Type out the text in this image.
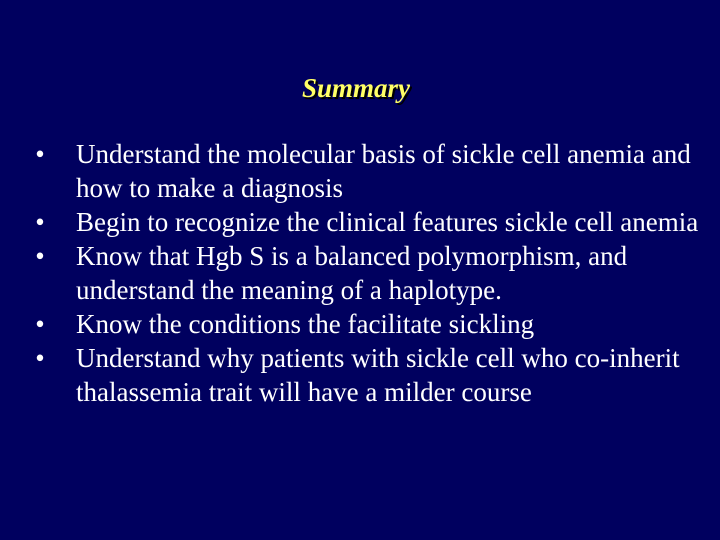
Summary
• Understand the molecular basis of sickle cell anemia and how to make a diagnosis
• Begin to recognize the clinical features sickle cell anemia
• Know that Hgb S is a balanced polymorphism, and understand the meaning of a haplotype.
• Know the conditions the facilitate sickling
• Understand why patients with sickle cell who co-inherit thalassemia trait will have a milder course
